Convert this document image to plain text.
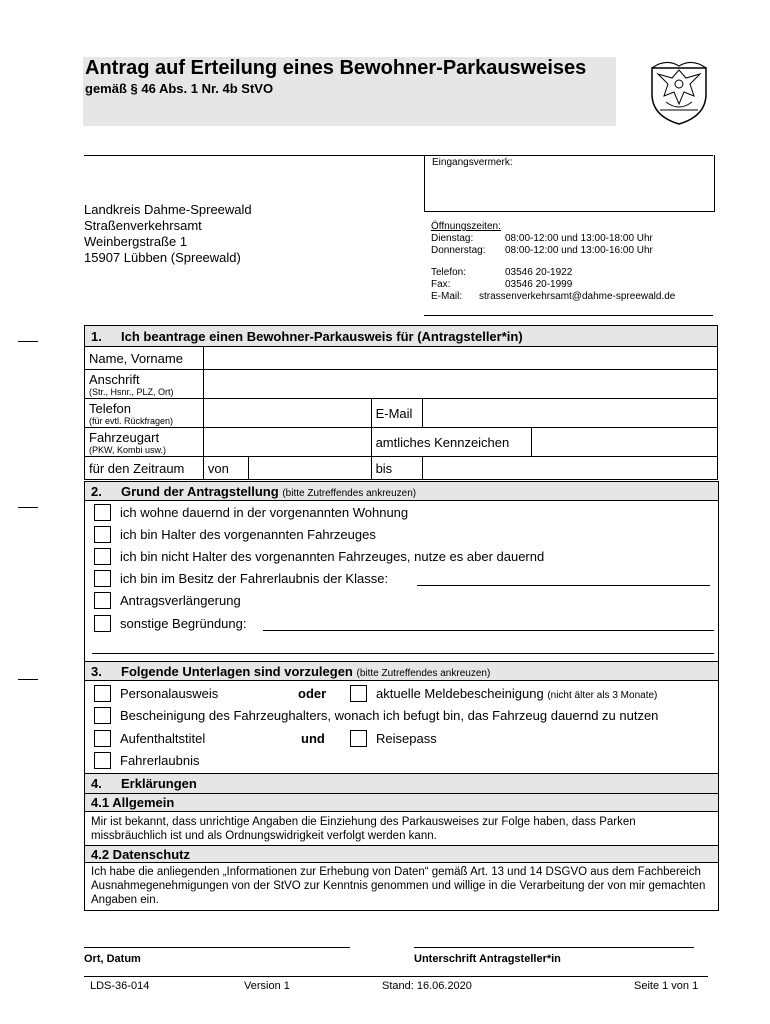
Antrag auf Erteilung eines Bewohner-Parkausweises
gemäß § 46 Abs. 1 Nr. 4b StVO
Eingangsvermerk:
Landkreis Dahme-Spreewald
Straßenverkehrsamt
Weinbergstraße 1
15907 Lübben (Spreewald)
Öffnungszeiten:
Dienstag:	08:00-12:00 und 13:00-18:00 Uhr
Donnerstag: 08:00-12:00 und 13:00-16:00 Uhr
Telefon:	03546 20-1922
Fax:	03546 20-1999
E-Mail: strassenverkehrsamt@dahme-spreewald.de
1. Ich beantrage einen Bewohner-Parkausweis für (Antragsteller*in)					
Name, Vorname					
Anschrift
(Str., Hsnr., PLZ, Ort)					

Telefon
(für evtl. Rückfragen)			E-Mail		
Fahrzeugart
(PKW, Kombi usw.)			amtliches Kennzeichen		
für den Zeitraum	von		bis		
2. Grund der Antragstellung (bitte Zutreffendes ankreuzen)
ich wohne dauernd in der vorgenannten Wohnung
ich bin Halter des vorgenannten Fahrzeuges
ich bin nicht Halter des vorgenannten Fahrzeuges, nutze es aber dauernd
ich bin im Besitz der Fahrerlaubnis der Klasse:
Antragsverlängerung
sonstige Begründung:
3. Folgende Unterlagen sind vorzulegen (bitte Zutreffendes ankreuzen)
Personalausweis	oder	aktuelle Meldebescheinigung (nicht älter als 3 Monate)
Bescheinigung des Fahrzeughalters, wonach ich befugt bin, das Fahrzeug dauernd zu nutzen
Aufenthaltstitel	und	Reisepass
Fahrerlaubnis
4. Erklärungen
4.1 Allgemein
Mir ist bekannt, dass unrichtige Angaben die Einziehung des Parkausweises zur Folge haben, dass Parken missbräuchlich ist und als Ordnungswidrigkeit verfolgt werden kann.
4.2 Datenschutz
Ich habe die anliegenden „Informationen zur Erhebung von Daten“ gemäß Art. 13 und 14 DSGVO aus dem Fachbereich Ausnahmegenehmigungen von der StVO zur Kenntnis genommen und willige in die Verarbeitung der von mir gemachten Angaben ein.
Ort, Datum	Unterschrift Antragsteller*in
LDS-36-014	Version 1	Stand: 16.06.2020	Seite 1 von 1
